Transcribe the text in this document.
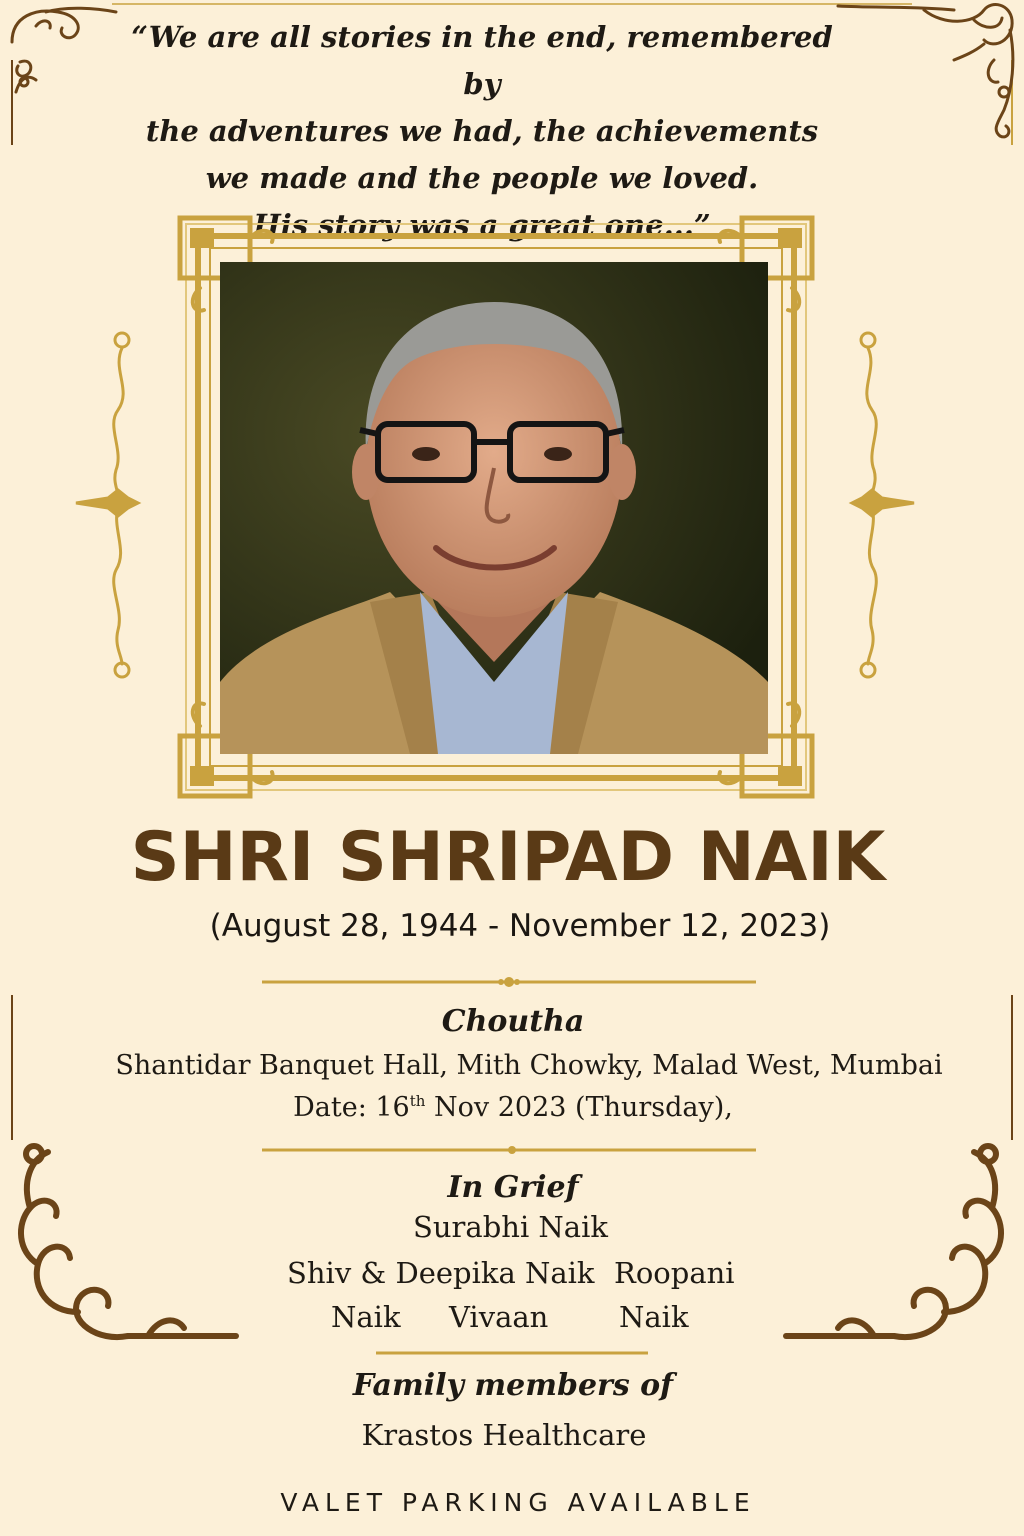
“We are all stories in the end, remembered by
the adventures we had, the achievements
we made and the people we loved.
His story was a great one...”
SHRI SHRIPAD NAIK
(August 28, 1944 - November 12, 2023)
Choutha
Shantidar Banquet Hall, Mith Chowky, Malad West, Mumbai
Date: 16th Nov 2023 (Thursday),
In Grief
Surabhi Naik
Shiv & Deepika Naik Roopani
Naik Vivaan Naik
Family members of
Krastos Healthcare
VALET PARKING AVAILABLE
